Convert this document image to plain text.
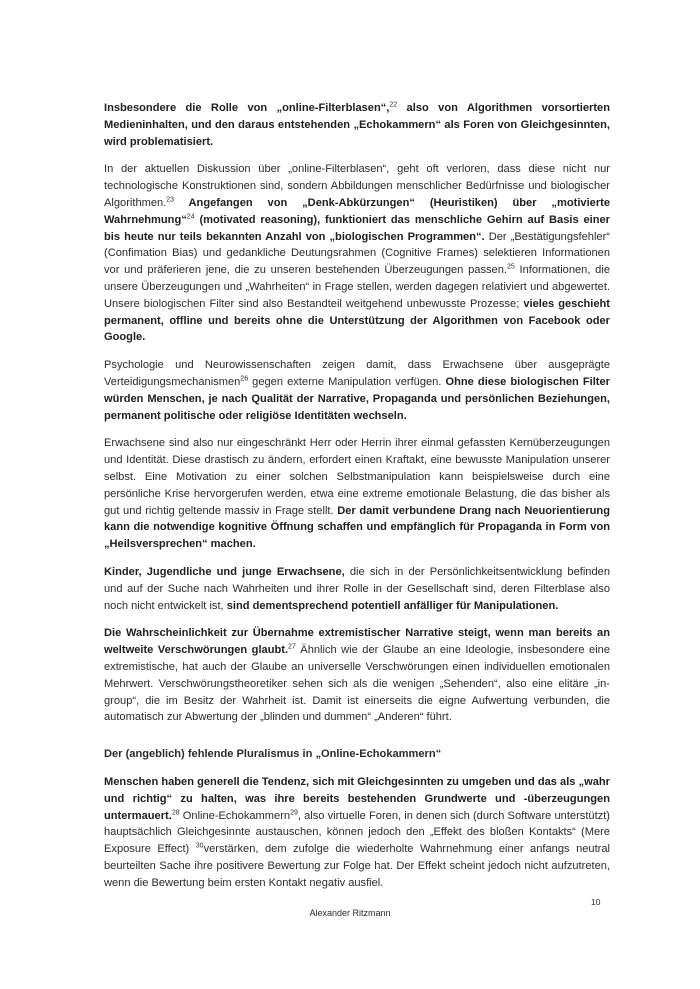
Insbesondere die Rolle von „online-Filterblasen“,$^{22}$ also von Algorithmen vorsortierten Medieninhalten, und den daraus entstehenden „Echokammern“ als Foren von Gleichgesinnten, wird problematisiert.

In der aktuellen Diskussion über „online-Filterblasen“, geht oft verloren, dass diese nicht nur technologische Konstruktionen sind, sondern Abbildungen menschlicher Bedürfnisse und biologischer Algorithmen.$^{23}$ Angefangen von „Denk-Abkürzungen“ (Heuristiken) über „motivierte Wahrnehmung“$^{24}$ (motivated reasoning), funktioniert das menschliche Gehirn auf Basis einer bis heute nur teils bekannten Anzahl von „biologischen Programmen“. Der „Bestätigungsfehler“ (Confimation Bias) und gedankliche Deutungsrahmen (Cognitive Frames) selektieren Informationen vor und präferieren jene, die zu unseren bestehenden Überzeugungen passen.$^{25}$ Informationen, die unsere Überzeugungen und „Wahrheiten“ in Frage stellen, werden dagegen relativiert und abgewertet. Unsere biologischen Filter sind also Bestandteil weitgehend unbewusste Prozesse; vieles geschieht permanent, offline und bereits ohne die Unterstützung der Algorithmen von Facebook oder Google.

Psychologie und Neurowissenschaften zeigen damit, dass Erwachsene über ausgeprägte Verteidigungsmechanismen$^{26}$ gegen externe Manipulation verfügen. Ohne diese biologischen Filter würden Menschen, je nach Qualität der Narrative, Propaganda und persönlichen Beziehungen, permanent politische oder religiöse Identitäten wechseln.

Erwachsene sind also nur eingeschränkt Herr oder Herrin ihrer einmal gefassten Kernüberzeugungen und Identität. Diese drastisch zu ändern, erfordert einen Kraftakt, eine bewusste Manipulation unserer selbst. Eine Motivation zu einer solchen Selbstmanipulation kann beispielsweise durch eine persönliche Krise hervorgerufen werden, etwa eine extreme emotionale Belastung, die das bisher als gut und richtig geltende massiv in Frage stellt. Der damit verbundene Drang nach Neuorientierung kann die notwendige kognitive Öffnung schaffen und empfänglich für Propaganda in Form von „Heilsversprechen“ machen.

Kinder, Jugendliche und junge Erwachsene, die sich in der Persönlichkeitsentwicklung befinden und auf der Suche nach Wahrheiten und ihrer Rolle in der Gesellschaft sind, deren Filterblase also noch nicht entwickelt ist, sind dementsprechend potentiell anfälliger für Manipulationen.

Die Wahrscheinlichkeit zur Übernahme extremistischer Narrative steigt, wenn man bereits an weltweite Verschwörungen glaubt.$^{27}$ Ähnlich wie der Glaube an eine Ideologie, insbesondere eine extremistische, hat auch der Glaube an universelle Verschwörungen einen individuellen emotionalen Mehrwert. Verschwörungstheoretiker sehen sich als die wenigen „Sehenden“, also eine elitäre „in-group“, die im Besitz der Wahrheit ist. Damit ist einerseits die eigne Aufwertung verbunden, die automatisch zur Abwertung der „blinden und dummen“ „Anderen“ führt.

Der (angeblich) fehlende Pluralismus in „Online-Echokammern“

Menschen haben generell die Tendenz, sich mit Gleichgesinnten zu umgeben und das als „wahr und richtig“ zu halten, was ihre bereits bestehenden Grundwerte und -überzeugungen untermauert.$^{28}$ Online-Echokammern$^{29}$, also virtuelle Foren, in denen sich (durch Software unterstützt) hauptsächlich Gleichgesinnte austauschen, können jedoch den „Effekt des bloßen Kontakts“ (Mere Exposure Effect) $^{30}$verstärken, dem zufolge die wiederholte Wahrnehmung einer anfangs neutral beurteilten Sache ihre positivere Bewertung zur Folge hat. Der Effekt scheint jedoch nicht aufzutreten, wenn die Bewertung beim ersten Kontakt negativ ausfiel.

10
Alexander Ritzmann
